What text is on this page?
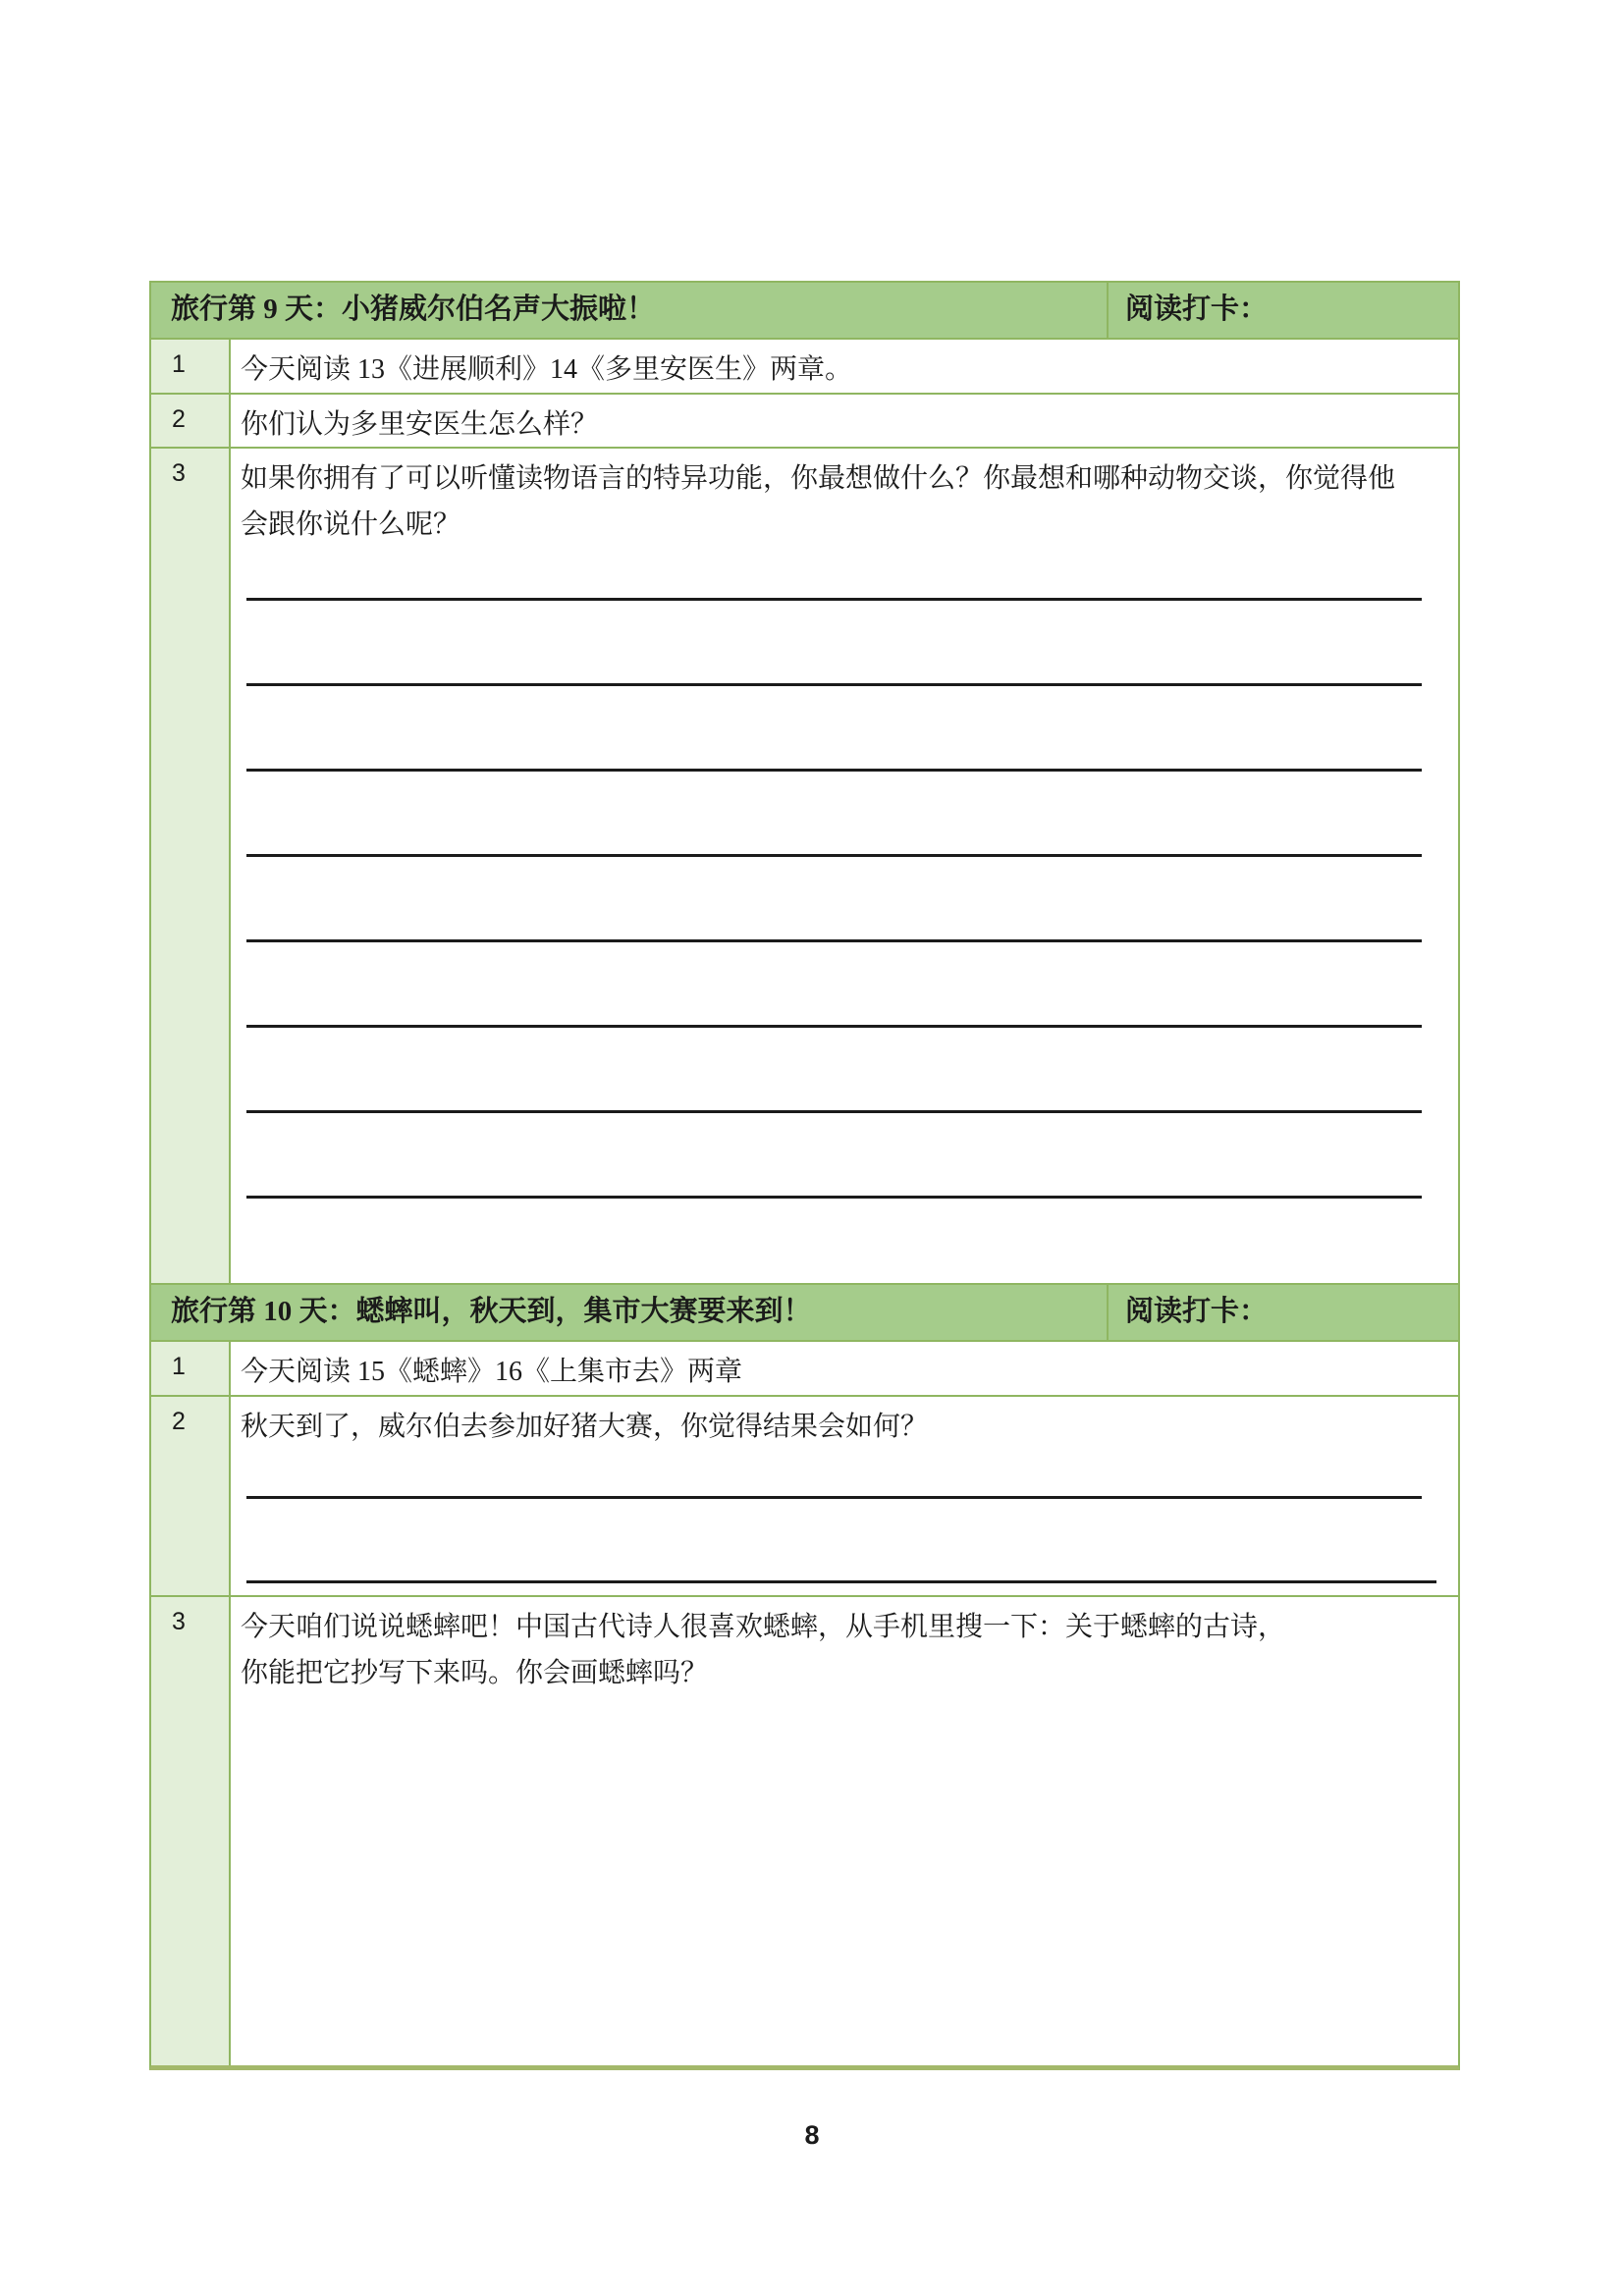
旅行第 9 天：小猪威尔伯名声大振啦！	阅读打卡：
1	今天阅读 13《进展顺利》14《多里安医生》两章。
2	你们认为多里安医生怎么样？
3	如果你拥有了可以听懂读物语言的特异功能，你最想做什么？你最想和哪种动物交谈，你觉得他
会跟你说什么呢？
旅行第 10 天：蟋蟀叫，秋天到，集市大赛要来到！	阅读打卡：
1	今天阅读 15《蟋蟀》16《上集市去》两章
2	秋天到了，威尔伯去参加好猪大赛，你觉得结果会如何？
3	今天咱们说说蟋蟀吧！中国古代诗人很喜欢蟋蟀，从手机里搜一下：关于蟋蟀的古诗，
你能把它抄写下来吗。你会画蟋蟀吗？
8
